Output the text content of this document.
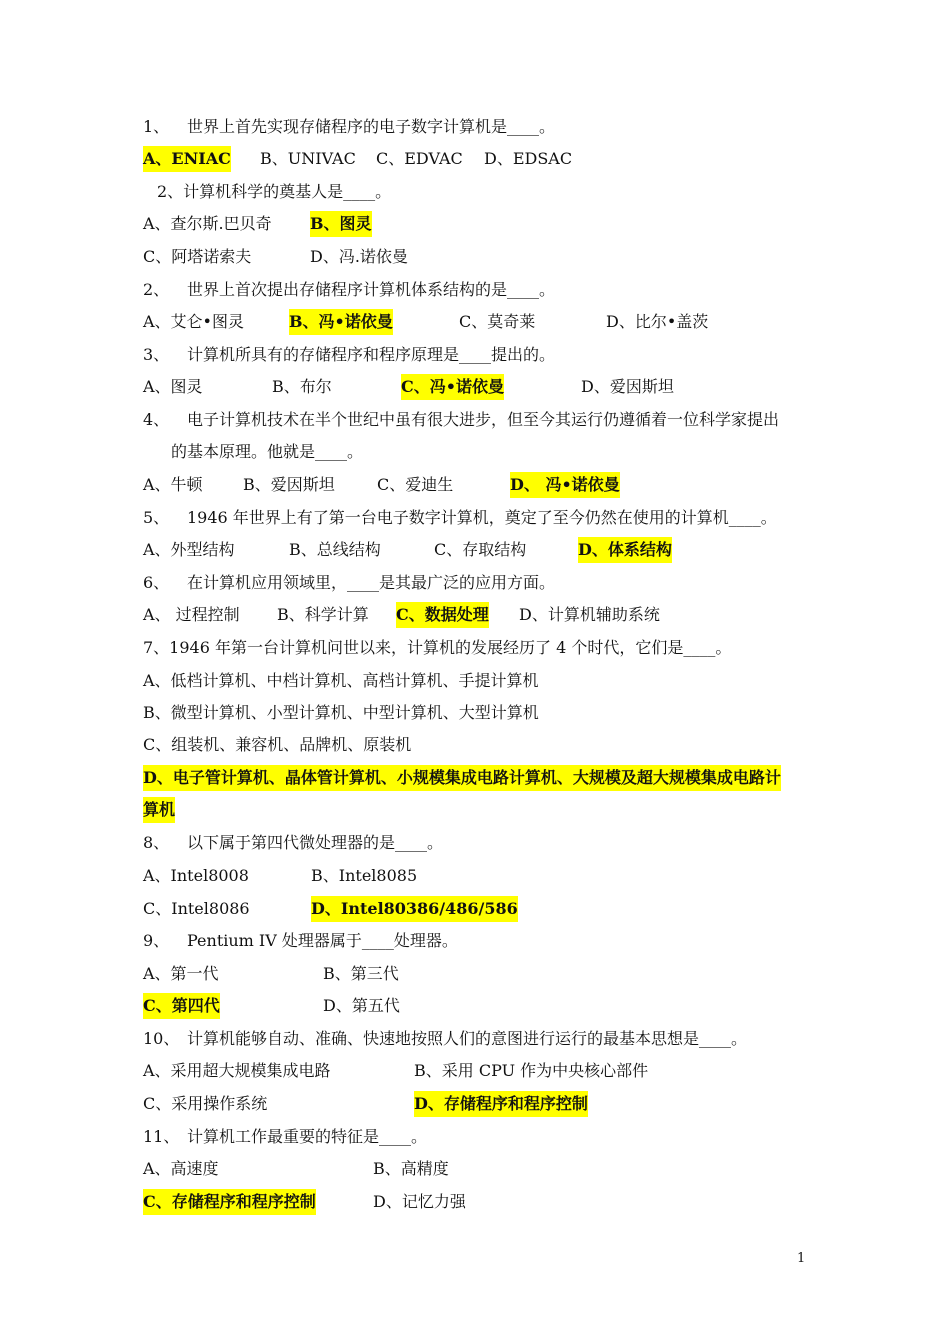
1、 世界上首先实现存储程序的电子数字计算机是____。
A、ENIAC B、UNIVAC C、EDVAC D、EDSAC
2、计算机科学的奠基人是____。
A、查尔斯.巴贝奇 B、图灵
C、阿塔诺索夫	D、冯.诺依曼
2、 世界上首次提出存储程序计算机体系结构的是____。
A、艾仑•图灵	B、冯•诺依曼	C、莫奇莱	D、比尔•盖茨
3、 计算机所具有的存储程序和程序原理是____提出的。
A、图灵	B、布尔	C、冯•诺依曼	D、爱因斯坦
4、 电子计算机技术在半个世纪中虽有很大进步，但至今其运行仍遵循着一位科学家提出
的基本原理。他就是____。
A、牛顿	B、爱因斯坦	C、爱迪生	D、 冯•诺依曼
5、 1946 年世界上有了第一台电子数字计算机，奠定了至今仍然在使用的计算机____。
A、外型结构	B、总线结构	C、存取结构	D、体系结构
6、 在计算机应用领域里，____是其最广泛的应用方面。
A、 过程控制 B、科学计算 C、数据处理 D、计算机辅助系统
7、1946 年第一台计算机问世以来，计算机的发展经历了 4 个时代，它们是____。
A、低档计算机、中档计算机、高档计算机、手提计算机
B、微型计算机、小型计算机、中型计算机、大型计算机
C、组装机、兼容机、品牌机、原装机
D、电子管计算机、晶体管计算机、小规模集成电路计算机、大规模及超大规模集成电路计
算机
8、 以下属于第四代微处理器的是____。
A、Intel8008	B、Intel8085
C、Intel8086	D、Intel80386/486/586
9、 Pentium IV 处理器属于____处理器。
A、第一代	B、第三代
C、第四代	D、第五代
10、 计算机能够自动、准确、快速地按照人们的意图进行运行的最基本思想是____。
A、采用超大规模集成电路	B、采用 CPU 作为中央核心部件
C、采用操作系统	D、存储程序和程序控制
11、 计算机工作最重要的特征是____。
A、高速度	B、高精度
C、存储程序和程序控制	D、记忆力强
1
